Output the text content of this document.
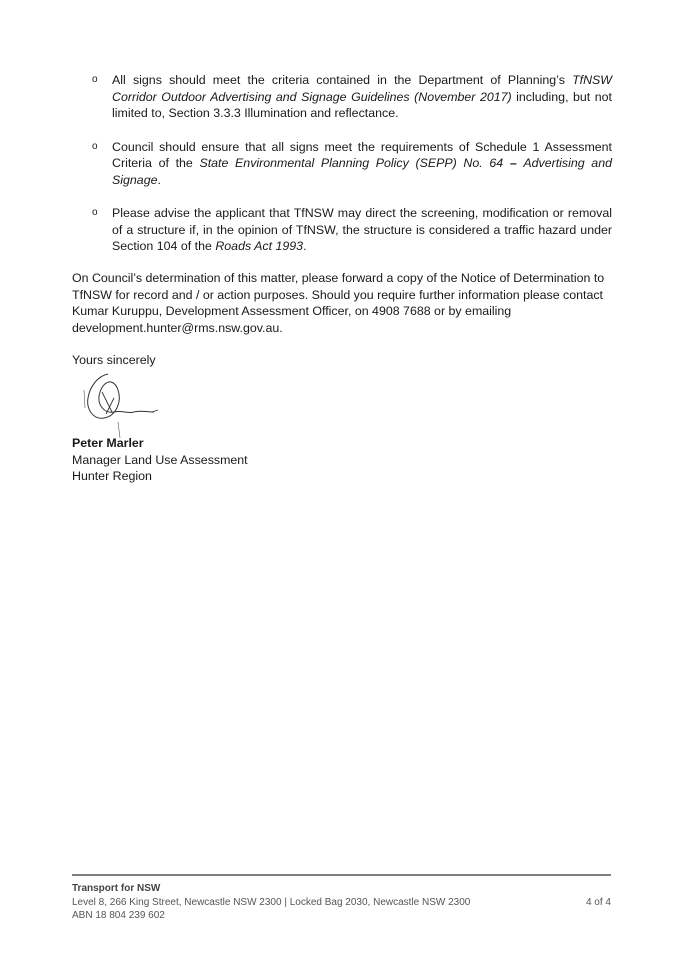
o All signs should meet the criteria contained in the Department of Planning’s TfNSW Corridor Outdoor Advertising and Signage Guidelines (November 2017) including, but not limited to, Section 3.3.3 Illumination and reflectance.
o Council should ensure that all signs meet the requirements of Schedule 1 Assessment Criteria of the State Environmental Planning Policy (SEPP) No. 64 – Advertising and Signage.
o Please advise the applicant that TfNSW may direct the screening, modification or removal of a structure if, in the opinion of TfNSW, the structure is considered a traffic hazard under Section 104 of the Roads Act 1993.
On Council’s determination of this matter, please forward a copy of the Notice of Determination to
TfNSW for record and / or action purposes. Should you require further information please contact
Kumar Kuruppu, Development Assessment Officer, on 4908 7688 or by emailing
development.hunter@rms.nsw.gov.au.
Yours sincerely
Peter Marler
Manager Land Use Assessment
Hunter Region
Transport for NSW
Level 8, 266 King Street, Newcastle NSW 2300 | Locked Bag 2030, Newcastle NSW 2300
ABN 18 804 239 602
4 of 4
